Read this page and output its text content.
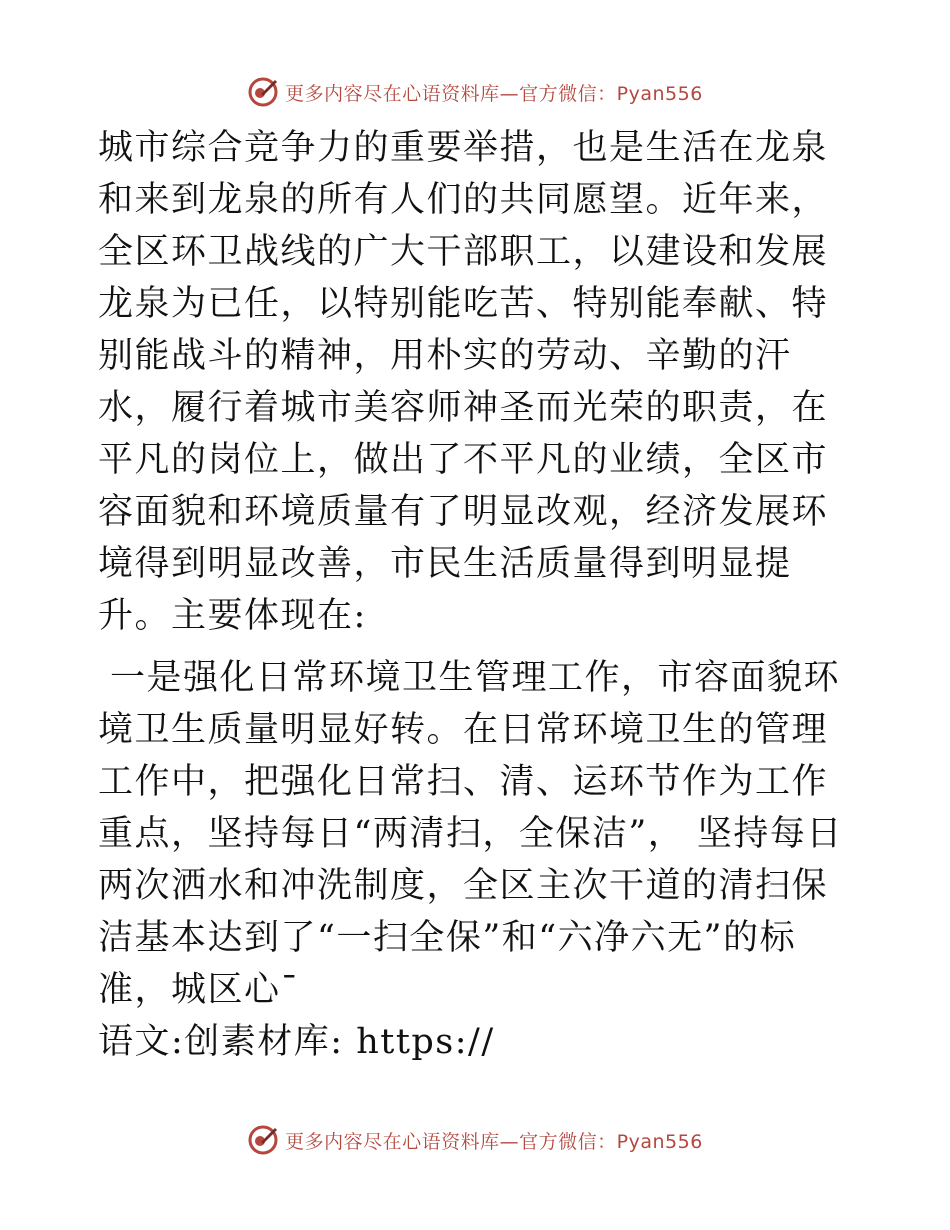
更多内容尽在心语资料库—官方微信：Pyan556

城市综合竞争力的重要举措，也是生活在龙泉和来到龙泉的所有人们的共同愿望。近年来，全区环卫战线的广大干部职工，以建设和发展龙泉为已任，以特别能吃苦、特别能奉献、特别能战斗的精神，用朴实的劳动、辛勤的汗水，履行着城市美容师神圣而光荣的职责，在平凡的岗位上，做出了不平凡的业绩，全区市容面貌和环境质量有了明显改观，经济发展环境得到明显改善，市民生活质量得到明显提升。主要体现在:

一是强化日常环境卫生管理工作，市容面貌环境卫生质量明显好转。在日常环境卫生的管理工作中，把强化日常扫、清、运环节作为工作重点，坚持每日“两清扫，全保洁”， 坚持每日两次洒水和冲洗制度，全区主次干道的清扫保洁基本达到了“一扫全保”和“六净六无”的标准，城区心¯

语文:创素材库: https://

更多内容尽在心语资料库—官方微信：Pyan556
